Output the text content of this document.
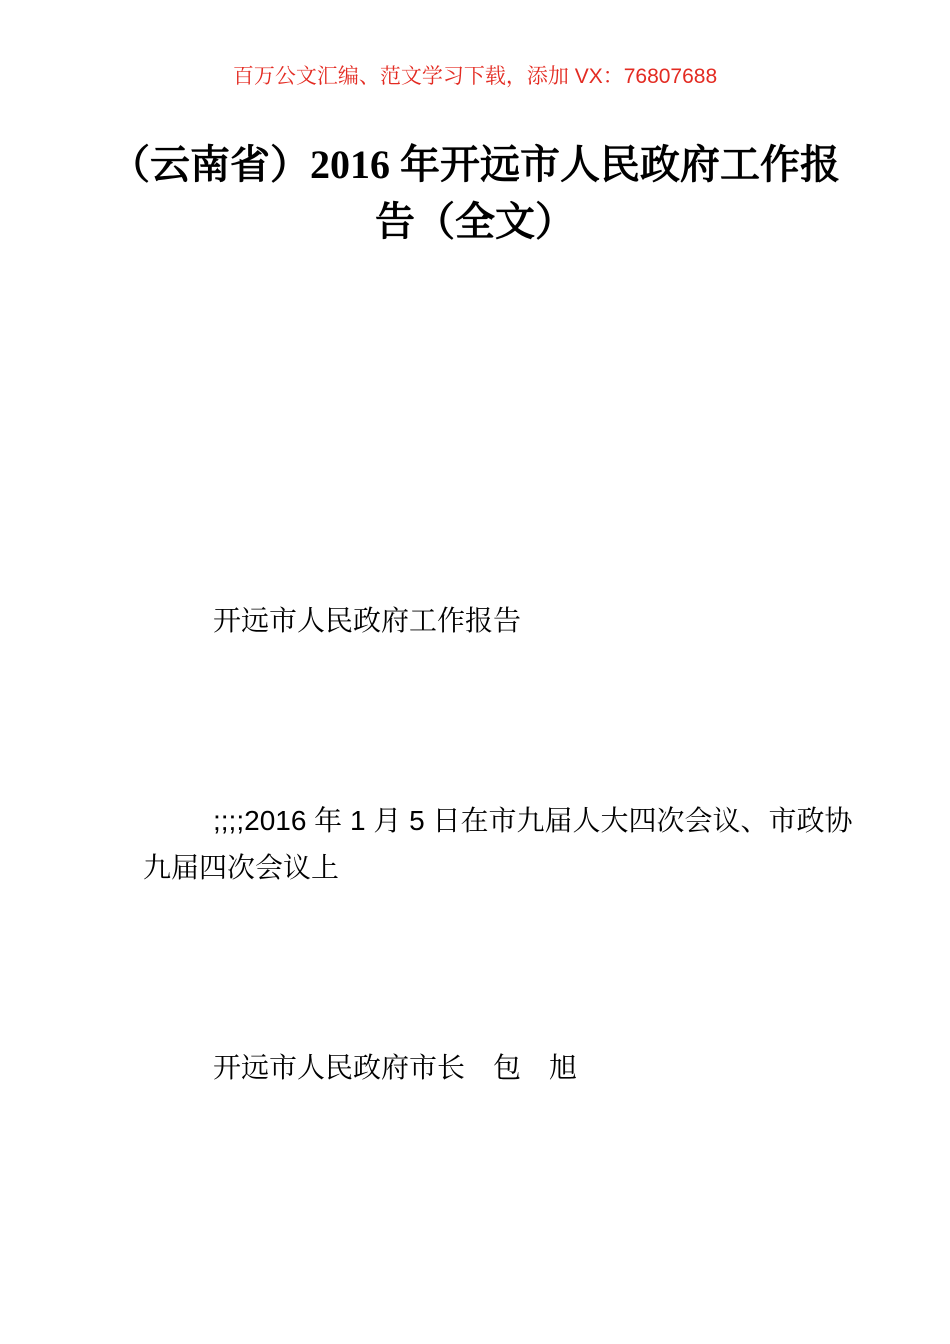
百万公文汇编、范文学习下载，添加 VX：76807688
（云南省）2016 年开远市人民政府工作报
告（全文）
开远市人民政府工作报告
;;;;2016 年 1 月 5 日在市九届人大四次会议、市政协
九届四次会议上
开远市人民政府市长　包　旭
